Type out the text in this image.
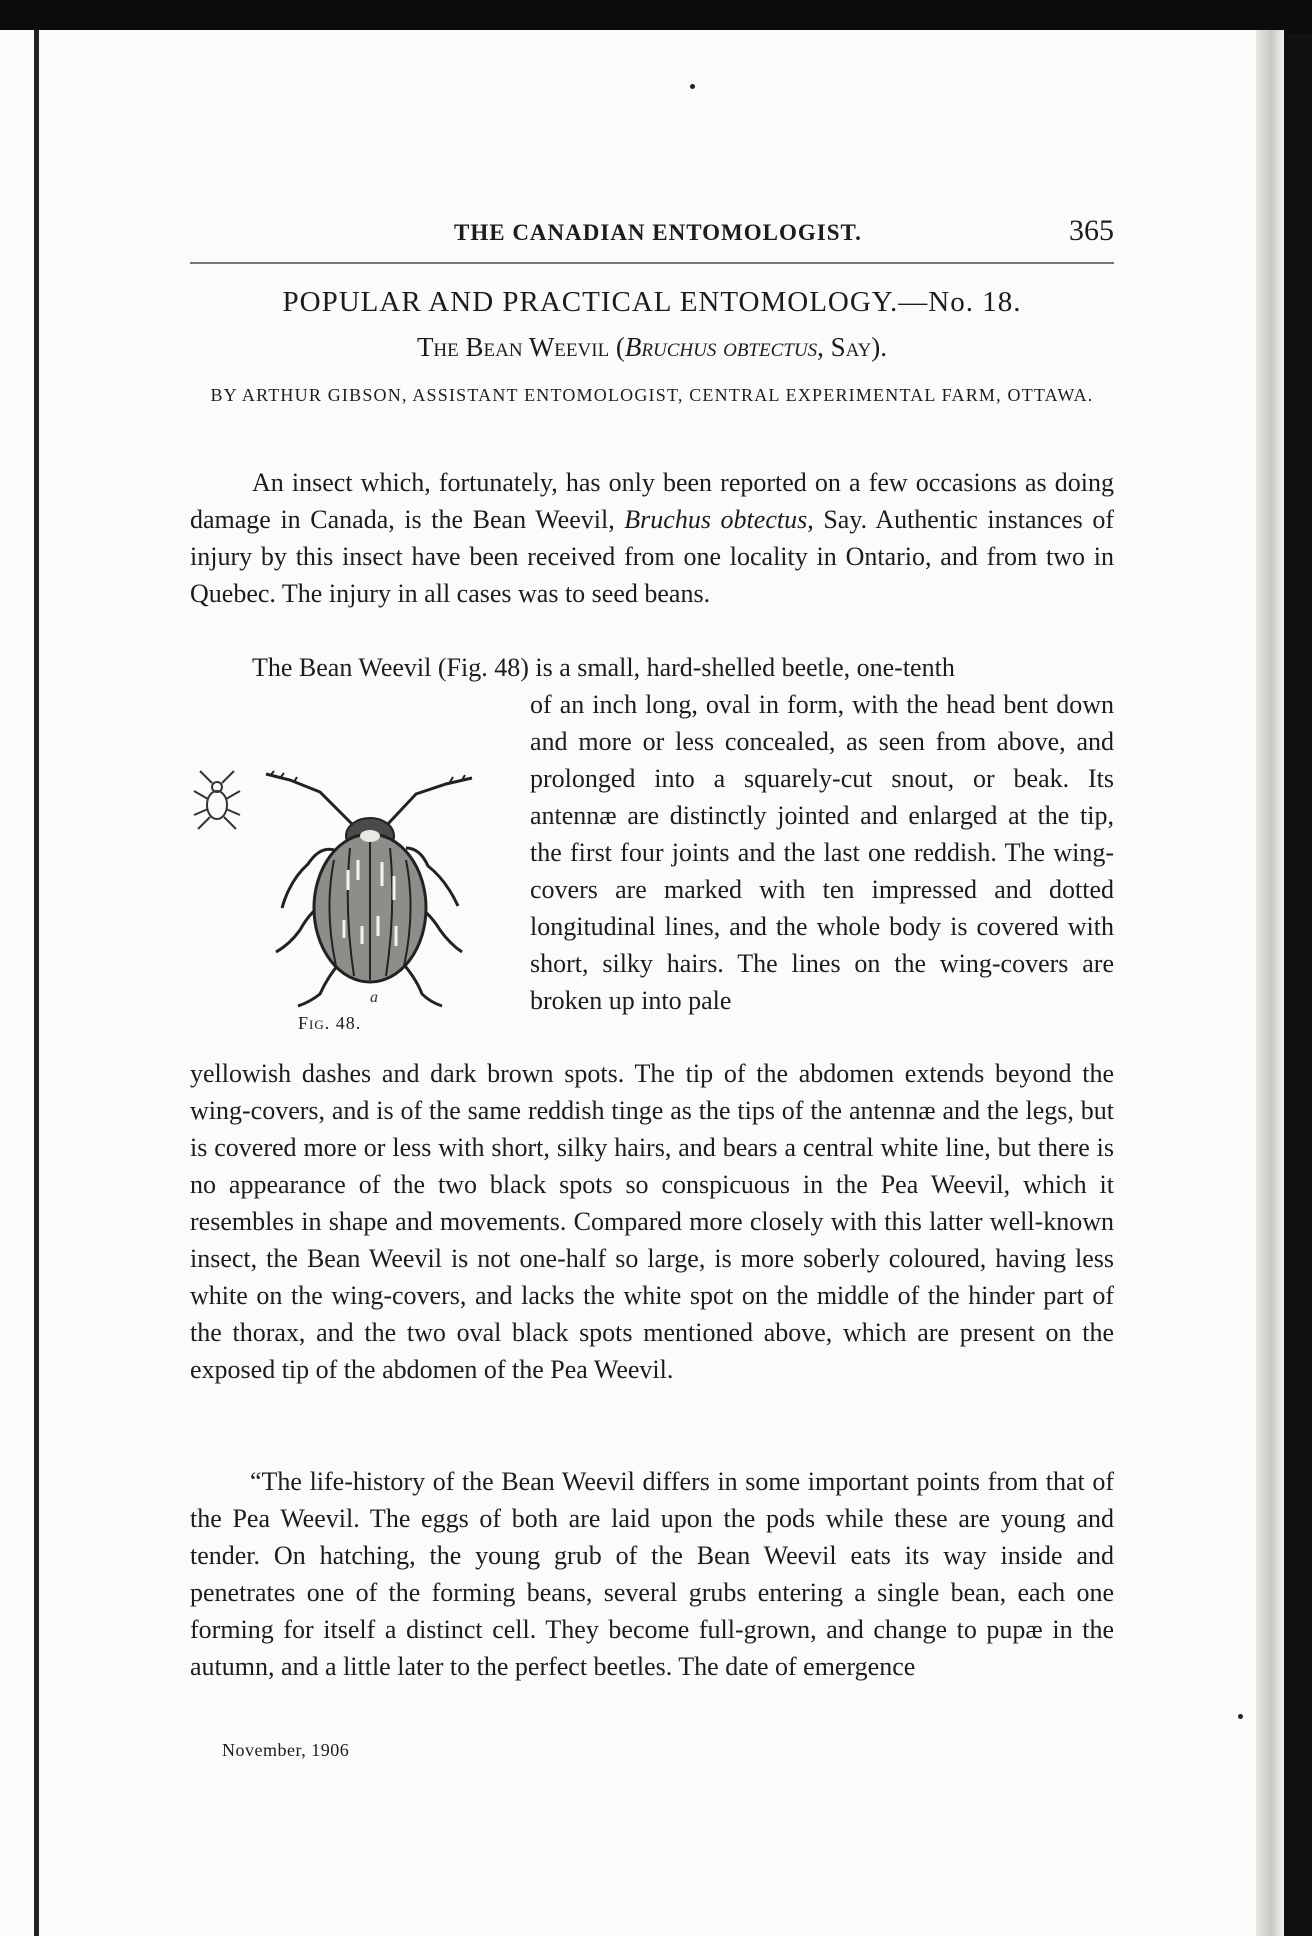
THE CANADIAN ENTOMOLOGIST.	365
POPULAR AND PRACTICAL ENTOMOLOGY.—No. 18.
The Bean Weevil (Bruchus obtectus, Say).
BY ARTHUR GIBSON, ASSISTANT ENTOMOLOGIST, CENTRAL EXPERIMENTAL FARM, OTTAWA.

An insect which, fortunately, has only been reported on a few occasions as doing damage in Canada, is the Bean Weevil, Bruchus obtectus, Say. Authentic instances of injury by this insect have been received from one locality in Ontario, and from two in Quebec. The injury in all cases was to seed beans.

The Bean Weevil (Fig. 48) is a small, hard-shelled beetle, one-tenth

of an inch long, oval in form, with the head bent down and more or less concealed, as seen from above, and prolonged into a squarely-cut snout, or beak. Its antennæ are distinctly jointed and enlarged at the tip, the first four joints and the last one reddish. The wing-covers are marked with ten impressed and dotted longitudinal lines, and the whole body is covered with short, silky hairs. The lines on the wing-covers are broken up into pale
a
Fig. 48.

yellowish dashes and dark brown spots. The tip of the abdomen extends beyond the wing-covers, and is of the same reddish tinge as the tips of the antennæ and the legs, but is covered more or less with short, silky hairs, and bears a central white line, but there is no appearance of the two black spots so conspicuous in the Pea Weevil, which it resembles in shape and movements. Compared more closely with this latter well-known insect, the Bean Weevil is not one-half so large, is more soberly coloured, having less white on the wing-covers, and lacks the white spot on the middle of the hinder part of the thorax, and the two oval black spots mentioned above, which are present on the exposed tip of the abdomen of the Pea Weevil.

“The life-history of the Bean Weevil differs in some important points from that of the Pea Weevil. The eggs of both are laid upon the pods while these are young and tender. On hatching, the young grub of the Bean Weevil eats its way inside and penetrates one of the forming beans, several grubs entering a single bean, each one forming for itself a distinct cell. They become full-grown, and change to pupæ in the autumn, and a little later to the perfect beetles. The date of emergence

November, 1906
